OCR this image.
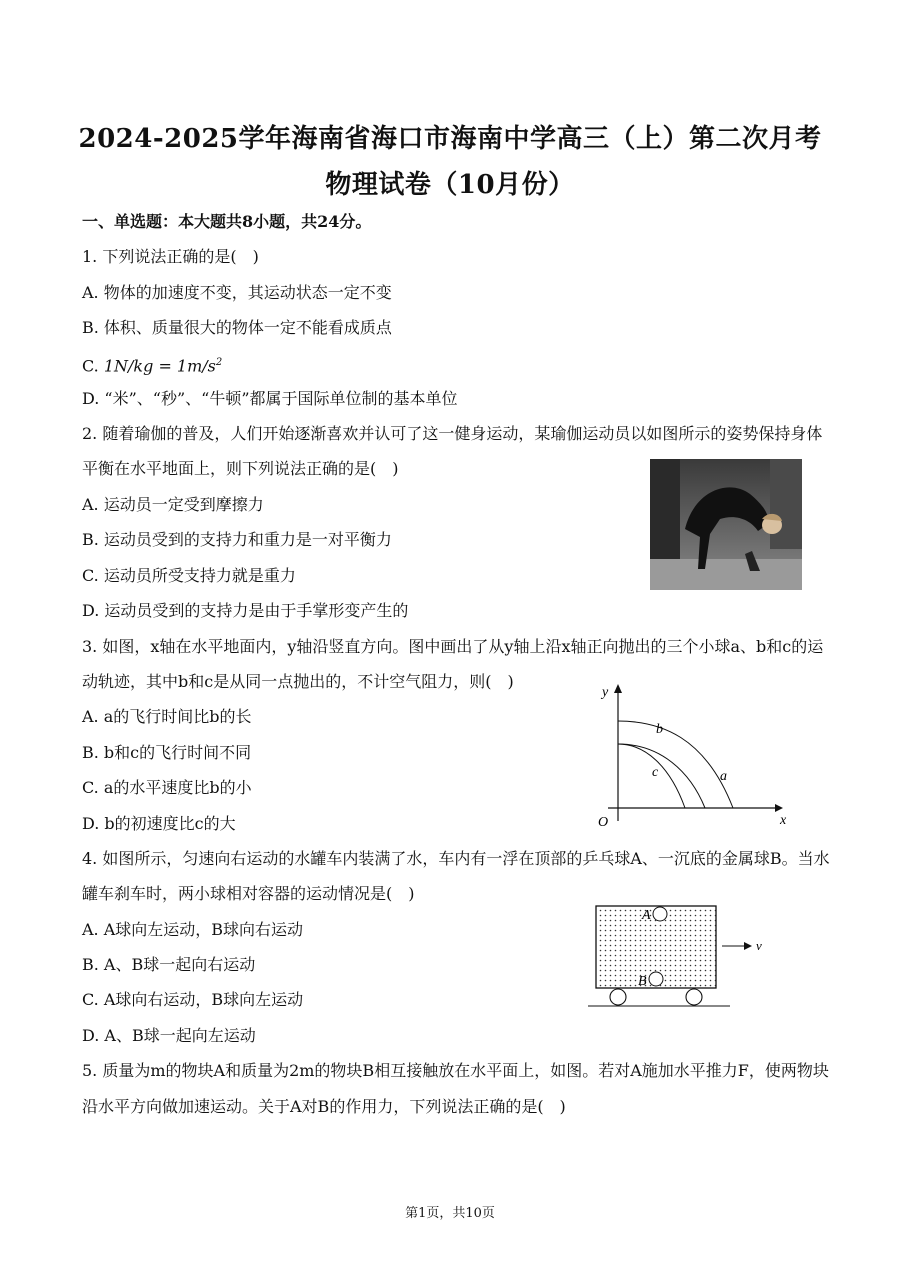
2024-2025学年海南省海口市海南中学高三（上）第二次月考
物理试卷（10月份）
一、单选题：本大题共8小题，共24分。
1. 下列说法正确的是(　)
A. 物体的加速度不变，其运动状态一定不变
B. 体积、质量很大的物体一定不能看成质点
C. $1N/kg = 1m/s^2$
D. “米”、“秒”、“牛顿”都属于国际单位制的基本单位
2. 随着瑜伽的普及，人们开始逐渐喜欢并认可了这一健身运动，某瑜伽运动员以如图所示的姿势保持身体
平衡在水平地面上，则下列说法正确的是(　)
A. 运动员一定受到摩擦力
B. 运动员受到的支持力和重力是一对平衡力
C. 运动员所受支持力就是重力
D. 运动员受到的支持力是由于手掌形变产生的
3. 如图，x轴在水平地面内，y轴沿竖直方向。图中画出了从y轴上沿x轴正向抛出的三个小球a、b和c的运
动轨迹，其中b和c是从同一点抛出的，不计空气阻力，则(　)
A. a的飞行时间比b的长
B. b和c的飞行时间不同
C. a的水平速度比b的小
D. b的初速度比c的大
y
x
O
b
c	a
4. 如图所示，匀速向右运动的水罐车内装满了水，车内有一浮在顶部的乒乓球A、一沉底的金属球B。当水
罐车刹车时，两小球相对容器的运动情况是(　)
A. A球向左运动，B球向右运动
B. A、B球一起向右运动
C. A球向右运动，B球向左运动
D. A、B球一起向左运动
A
B
v
5. 质量为m的物块A和质量为2m的物块B相互接触放在水平面上，如图。若对A施加水平推力F，使两物块
沿水平方向做加速运动。关于A对B的作用力，下列说法正确的是(　)
第1页，共10页
